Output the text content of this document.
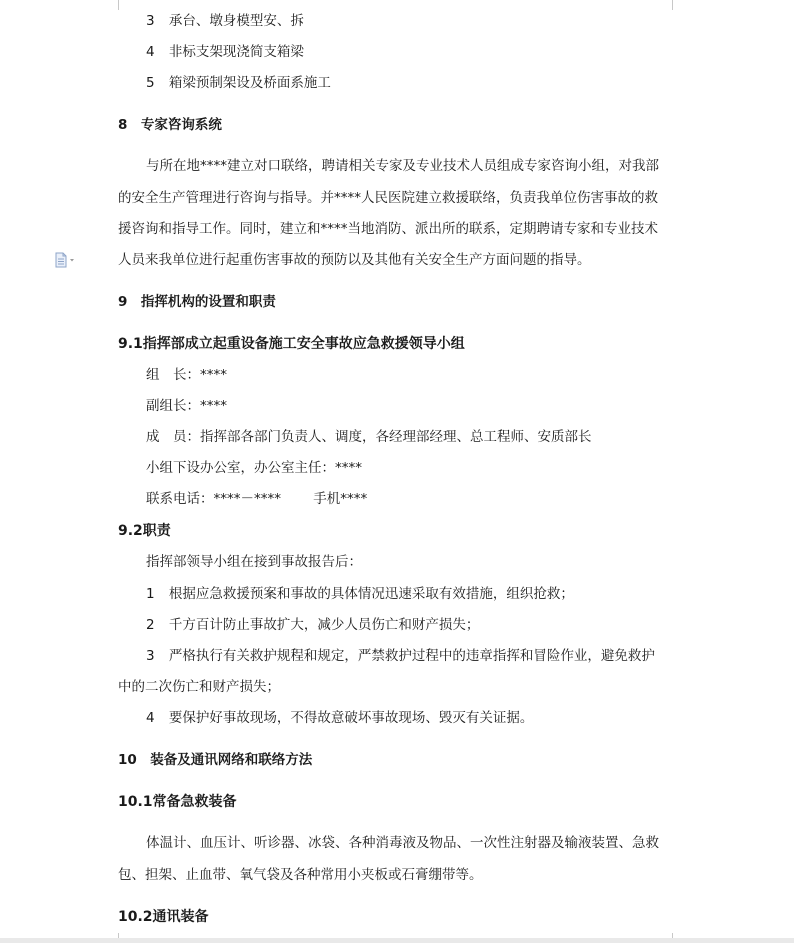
3 承台、墩身模型安、拆
4 非标支架现浇简支箱梁
5 箱梁预制架设及桥面系施工
8　专家咨询系统
与所在地****建立对口联络，聘请相关专家及专业技术人员组成专家咨询小组，对我部
的安全生产管理进行咨询与指导。并****人民医院建立救援联络，负责我单位伤害事故的救
援咨询和指导工作。同时，建立和****当地消防、派出所的联系，定期聘请专家和专业技术
人员来我单位进行起重伤害事故的预防以及其他有关安全生产方面问题的指导。
9　指挥机构的设置和职责
9.1指挥部成立起重设备施工安全事故应急救援领导小组
组　长：****
副组长：****
成　员：指挥部各部门负责人、调度，各经理部经理、总工程师、安质部长
小组下设办公室，办公室主任：****
联系电话：****－**** 手机****
9.2职责
指挥部领导小组在接到事故报告后：
1 根据应急救援预案和事故的具体情况迅速采取有效措施，组织抢救；
2 千方百计防止事故扩大，减少人员伤亡和财产损失；
3 严格执行有关救护规程和规定，严禁救护过程中的违章指挥和冒险作业，避免救护
中的二次伤亡和财产损失；
4 要保护好事故现场，不得故意破坏事故现场、毁灭有关证据。
10　装备及通讯网络和联络方法
10.1常备急救装备
体温计、血压计、听诊器、冰袋、各种消毒液及物品、一次性注射器及输液装置、急救
包、担架、止血带、氧气袋及各种常用小夹板或石膏绷带等。
10.2通讯装备
